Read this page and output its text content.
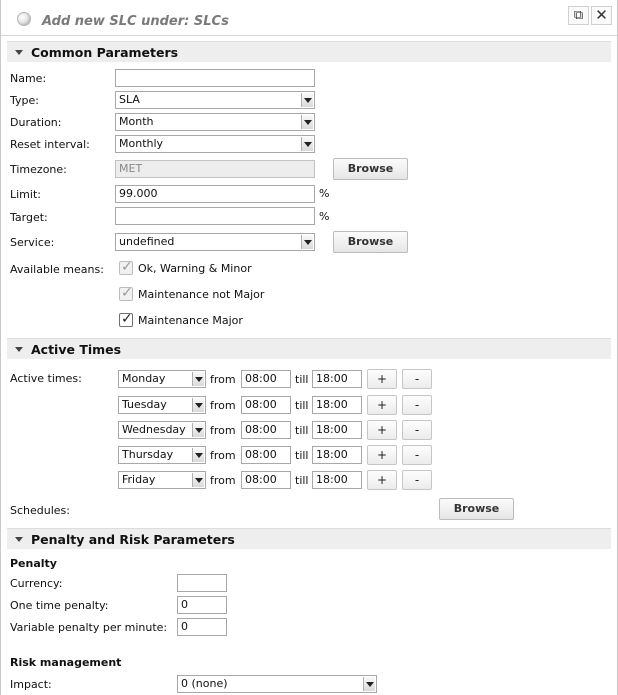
Add new SLC under: SLCs	⧉ ✕
Common Parameters
Name:
Type:	SLA
Duration:	Month
Reset interval:	Monthly
Timezone:	MET	Browse
Limit:	99.000	%
Target:	%
Service:	undefined	Browse
Available means: ✓ Ok, Warning & Minor
✓ Maintenance not Major
✓ Maintenance Major
Active Times
Active times:	Monday	from 08:00	till 18:00	+	-
Tuesday	from 08:00	till 18:00	+	-
Wednesday	from 08:00	till 18:00	+	-
Thursday	from 08:00	till 18:00	+	-
Friday	from 08:00	till 18:00	+	-
Schedules:	Browse
Penalty and Risk Parameters
Penalty
Currency:
One time penalty:	0
Variable penalty per minute:	0
Risk management
Impact:	0 (none)
